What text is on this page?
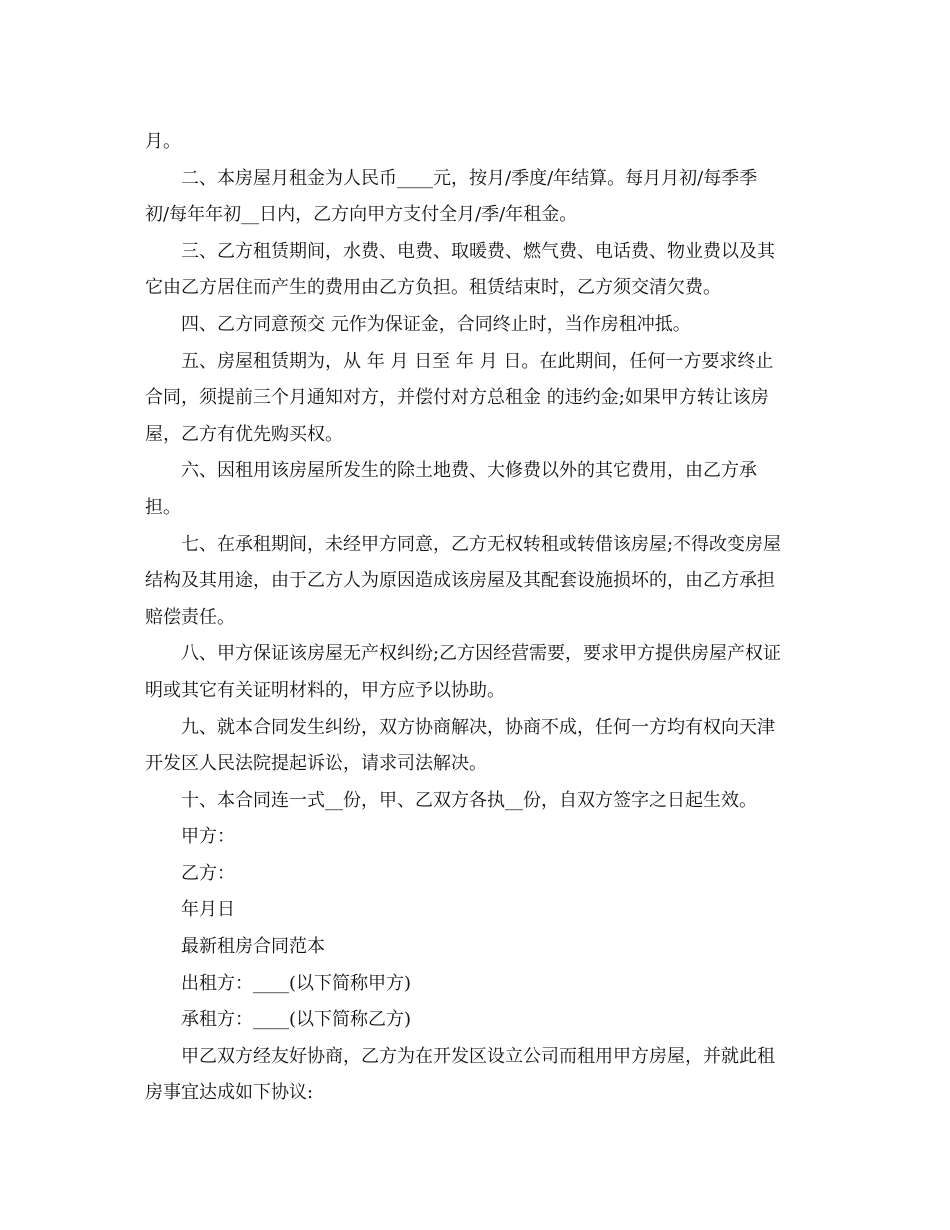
月。

二、本房屋月租金为人民币____元，按月/季度/年结算。每月月初/每季季

初/每年年初__日内，乙方向甲方支付全月/季/年租金。

三、乙方租赁期间，水费、电费、取暖费、燃气费、电话费、物业费以及其

它由乙方居住而产生的费用由乙方负担。租赁结束时，乙方须交清欠费。

四、乙方同意预交 元作为保证金，合同终止时，当作房租冲抵。

五、房屋租赁期为，从 年 月 日至 年 月 日。在此期间，任何一方要求终止

合同，须提前三个月通知对方，并偿付对方总租金 的违约金;如果甲方转让该房

屋，乙方有优先购买权。

六、因租用该房屋所发生的除土地费、大修费以外的其它费用，由乙方承

担。

七、在承租期间，未经甲方同意，乙方无权转租或转借该房屋;不得改变房屋

结构及其用途，由于乙方人为原因造成该房屋及其配套设施损坏的，由乙方承担

赔偿责任。

八、甲方保证该房屋无产权纠纷;乙方因经营需要，要求甲方提供房屋产权证

明或其它有关证明材料的，甲方应予以协助。

九、就本合同发生纠纷，双方协商解决，协商不成，任何一方均有权向天津

开发区人民法院提起诉讼，请求司法解决。

十、本合同连一式__份，甲、乙双方各执__份，自双方签字之日起生效。

甲方：

乙方：

年月日

最新租房合同范本

出租方：____(以下简称甲方)

承租方：____(以下简称乙方)

甲乙双方经友好协商，乙方为在开发区设立公司而租用甲方房屋，并就此租

房事宜达成如下协议:
